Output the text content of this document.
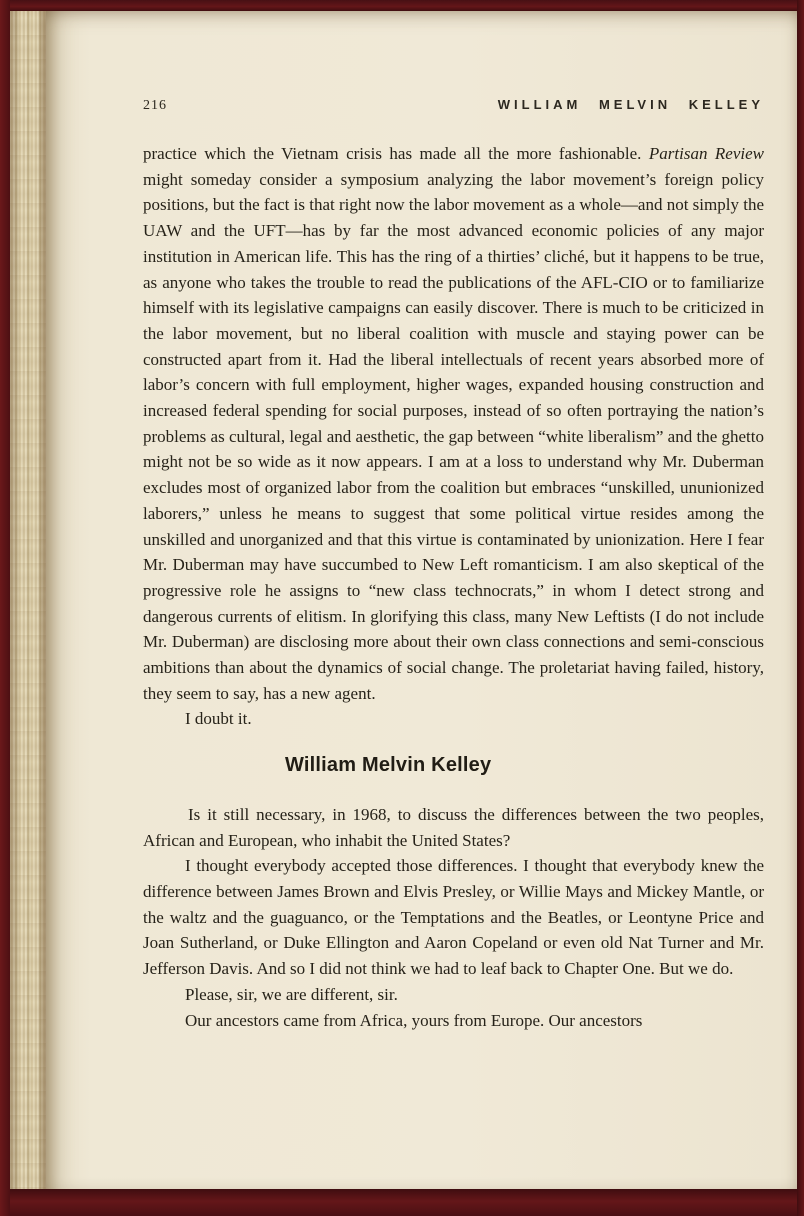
216	WILLIAM MELVIN KELLEY

practice which the Vietnam crisis has made all the more fashionable. Partisan Review might someday consider a symposium analyzing the labor movement’s foreign policy positions, but the fact is that right now the labor movement as a whole—and not simply the UAW and the UFT—has by far the most advanced economic policies of any major institution in American life. This has the ring of a thirties’ cliché, but it happens to be true, as anyone who takes the trouble to read the publications of the AFL-CIO or to familiarize himself with its legislative campaigns can easily discover. There is much to be criticized in the labor movement, but no liberal coalition with muscle and staying power can be constructed apart from it. Had the liberal intellectuals of recent years absorbed more of labor’s concern with full employment, higher wages, expanded housing construction and increased federal spending for social purposes, instead of so often portraying the nation’s problems as cultural, legal and aesthetic, the gap between “white liberalism” and the ghetto might not be so wide as it now appears. I am at a loss to understand why Mr. Duberman excludes most of organized labor from the coalition but embraces “unskilled, ununionized laborers,” unless he means to suggest that some political virtue resides among the unskilled and unorganized and that this virtue is contaminated by unionization. Here I fear Mr. Duberman may have succumbed to New Left romanticism. I am also skeptical of the progressive role he assigns to “new class technocrats,” in whom I detect strong and dangerous currents of elitism. In glorifying this class, many New Leftists (I do not include Mr. Duberman) are disclosing more about their own class connections and semi-conscious ambitions than about the dynamics of social change. The proletariat having failed, history, they seem to say, has a new agent.

I doubt it.

William Melvin Kelley

Is it still necessary, in 1968, to discuss the differences between the two peoples, African and European, who inhabit the United States?

I thought everybody accepted those differences. I thought that everybody knew the difference between James Brown and Elvis Presley, or Willie Mays and Mickey Mantle, or the waltz and the guaguanco, or the Temptations and the Beatles, or Leontyne Price and Joan Sutherland, or Duke Ellington and Aaron Copeland or even old Nat Turner and Mr. Jefferson Davis. And so I did not think we had to leaf back to Chapter One. But we do.

Please, sir, we are different, sir.

Our ancestors came from Africa, yours from Europe. Our ancestors
